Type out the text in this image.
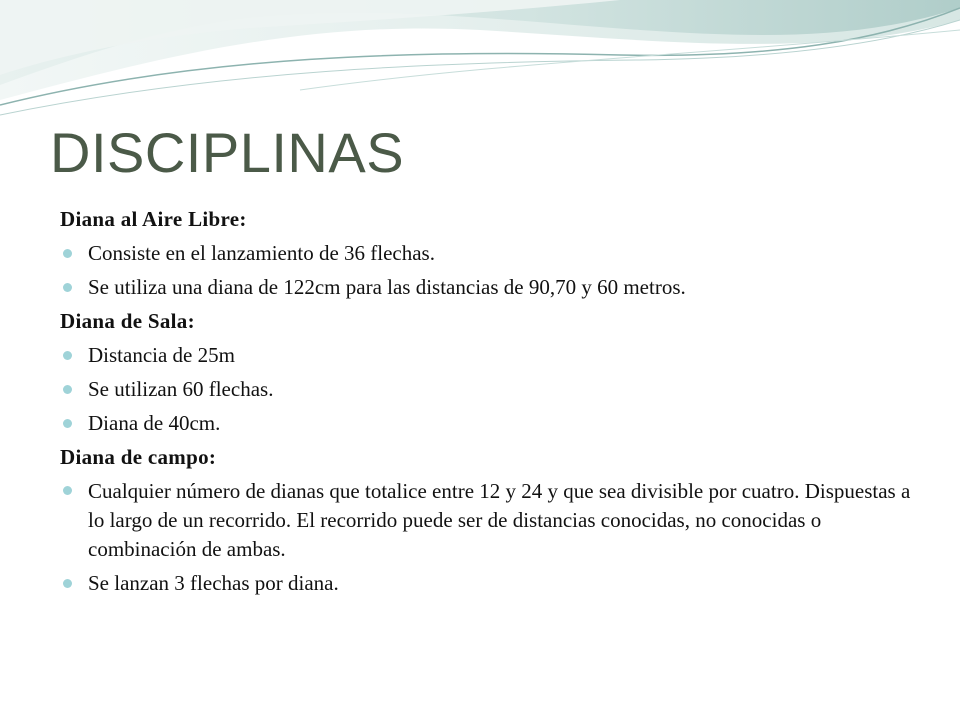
DISCIPLINAS

Diana al Aire Libre:

Consiste en el lanzamiento de 36 flechas.
Se utiliza una diana de 122cm para las distancias de 90,70 y 60 metros.

Diana de Sala:

Distancia de 25m
Se utilizan 60 flechas.
Diana de 40cm.

Diana de campo:

Cualquier número de dianas que totalice entre 12 y 24 y que sea divisible por cuatro. Dispuestas a lo largo de un recorrido. El recorrido puede ser de distancias conocidas, no conocidas o combinación de ambas.
Se lanzan 3 flechas por diana.
